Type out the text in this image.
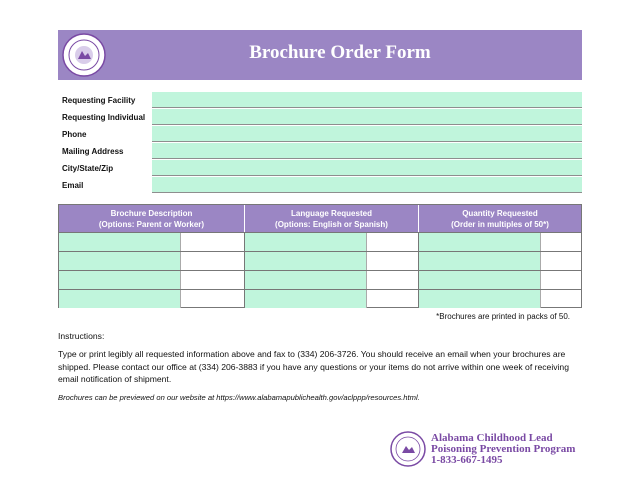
Brochure Order Form
Requesting Facility
Requesting Individual
Phone
Mailing Address
City/State/Zip
Email
Brochure Description
(Options: Parent or Worker)
Language Requested
(Options: English or Spanish)
Quantity Requested
(Order in multiples of 50*)
*Brochures are printed in packs of 50.
Instructions:
Type or print legibly all requested information above and fax to (334) 206-3726. You should receive an email when your brochures are shipped. Please contact our office at (334) 206-3883 if you have any questions or your items do not arrive within one week of receiving email notification of shipment.
Brochures can be previewed on our website at https://www.alabamapublichealth.gov/aclppp/resources.html.
Alabama Childhood Lead
Poisoning Prevention Program
1-833-667-1495
